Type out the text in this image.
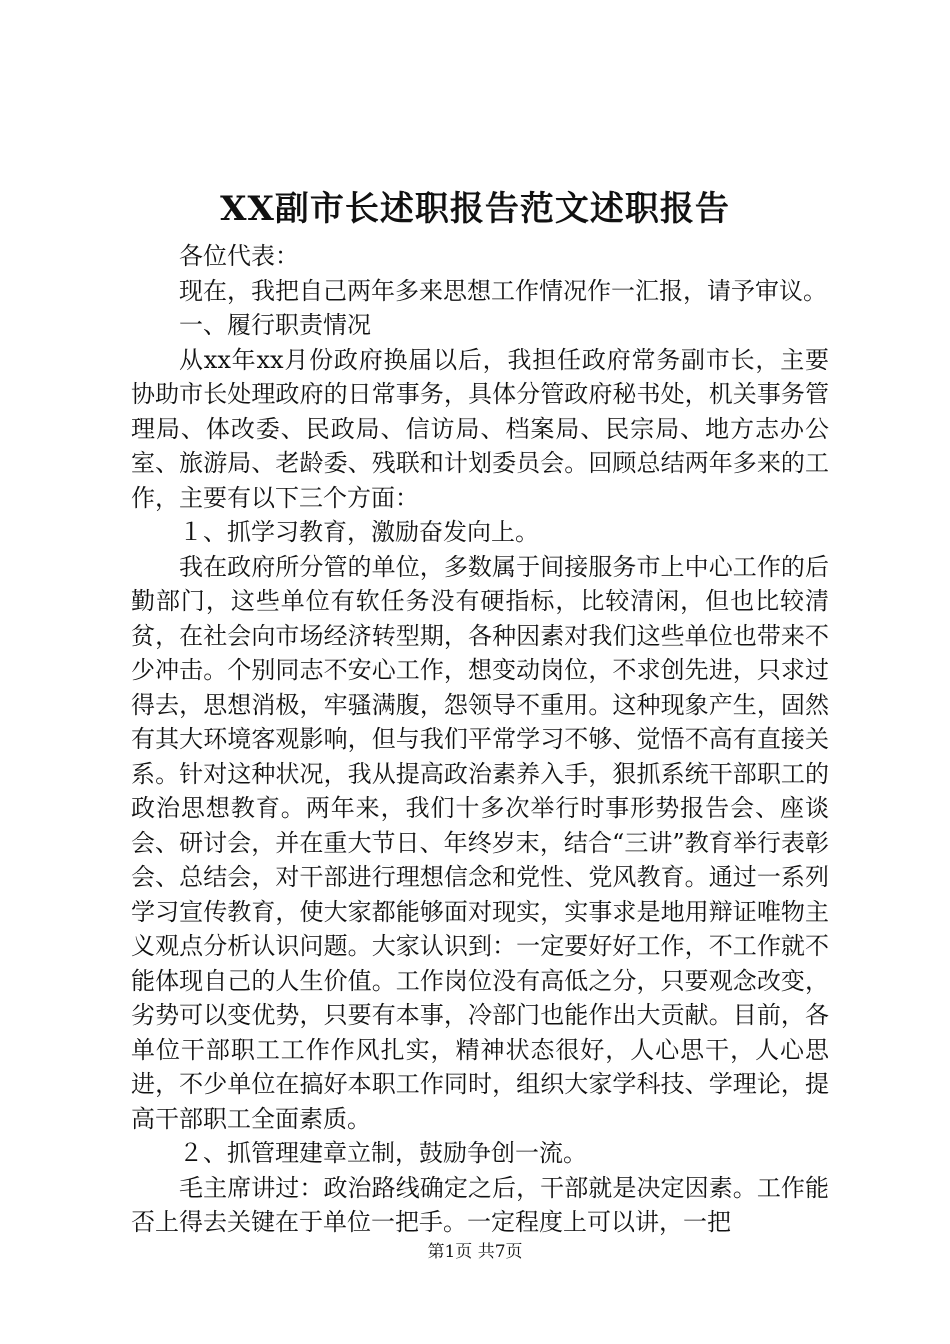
XX副市长述职报告范文述职报告

各位代表：

现在，我把自己两年多来思想工作情况作一汇报，请予审议。

一、履行职责情况

从xx年xx月份政府换届以后，我担任政府常务副市长，主要协助市长处理政府的日常事务，具体分管政府秘书处，机关事务管理局、体改委、民政局、信访局、档案局、民宗局、地方志办公室、旅游局、老龄委、残联和计划委员会。回顾总结两年多来的工作，主要有以下三个方面：

１、抓学习教育，激励奋发向上。

我在政府所分管的单位，多数属于间接服务市上中心工作的后勤部门，这些单位有软任务没有硬指标，比较清闲，但也比较清贫，在社会向市场经济转型期，各种因素对我们这些单位也带来不少冲击。个别同志不安心工作，想变动岗位，不求创先进，只求过得去，思想消极，牢骚满腹，怨领导不重用。这种现象产生，固然有其大环境客观影响，但与我们平常学习不够、觉悟不高有直接关系。针对这种状况，我从提高政治素养入手，狠抓系统干部职工的政治思想教育。两年来，我们十多次举行时事形势报告会、座谈会、研讨会，并在重大节日、年终岁末，结合“三讲”教育举行表彰会、总结会，对干部进行理想信念和党性、党风教育。通过一系列学习宣传教育，使大家都能够面对现实，实事求是地用辩证唯物主义观点分析认识问题。大家认识到：一定要好好工作，不工作就不能体现自己的人生价值。工作岗位没有高低之分，只要观念改变，劣势可以变优势，只要有本事，冷部门也能作出大贡献。目前，各单位干部职工工作作风扎实，精神状态很好，人心思干，人心思进，不少单位在搞好本职工作同时，组织大家学科技、学理论，提高干部职工全面素质。

２、抓管理建章立制，鼓励争创一流。

毛主席讲过：政治路线确定之后，干部就是决定因素。工作能否上得去关键在于单位一把手。一定程度上可以讲，一把

第1页 共7页
